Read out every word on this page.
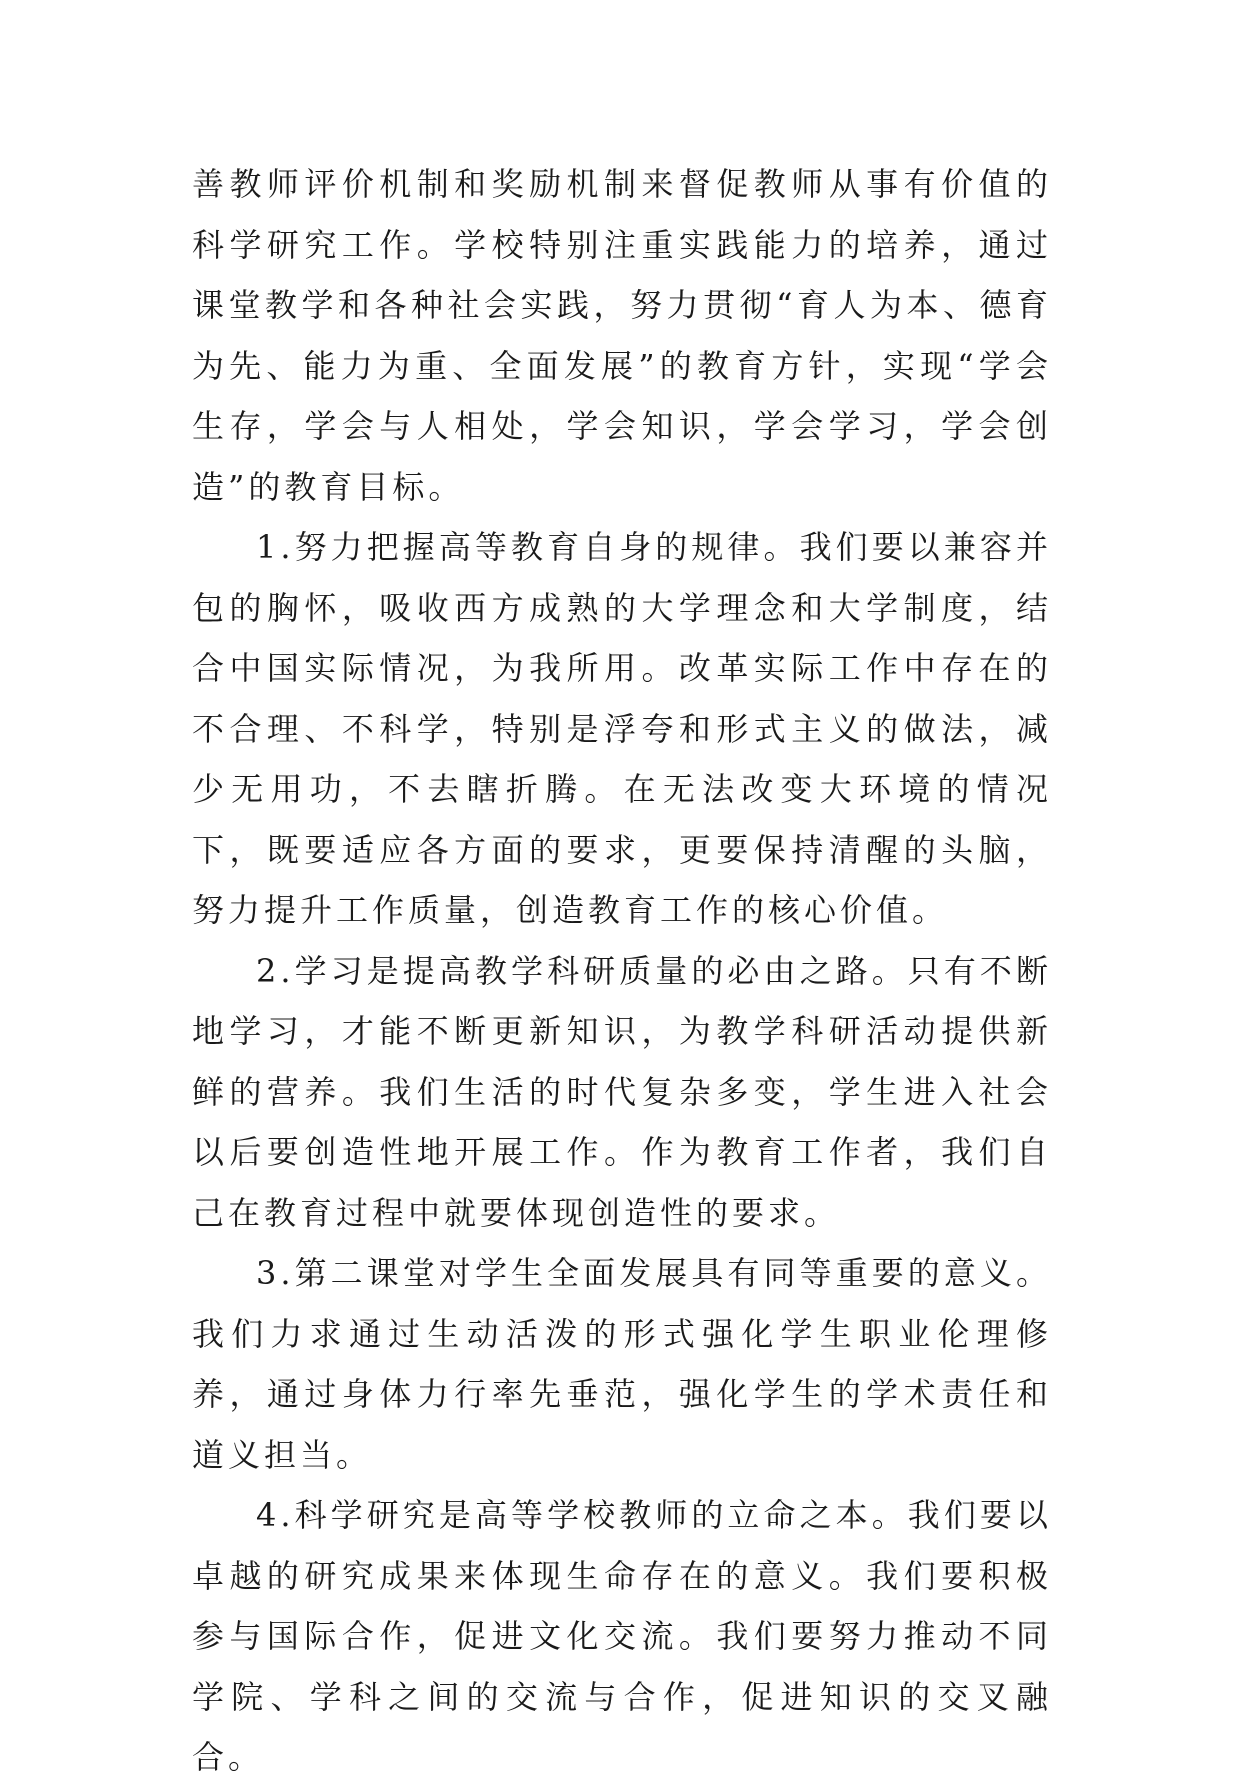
善教师评价机制和奖励机制来督促教师从事有价值的科学研究工作。学校特别注重实践能力的培养，通过课堂教学和各种社会实践，努力贯彻“育人为本、德育为先、能力为重、全面发展”的教育方针，实现“学会生存，学会与人相处，学会知识，学会学习，学会创造”的教育目标。

1.努力把握高等教育自身的规律。我们要以兼容并包的胸怀，吸收西方成熟的大学理念和大学制度，结合中国实际情况，为我所用。改革实际工作中存在的不合理、不科学，特别是浮夸和形式主义的做法，减少无用功，不去瞎折腾。在无法改变大环境的情况下，既要适应各方面的要求，更要保持清醒的头脑，努力提升工作质量，创造教育工作的核心价值。

2.学习是提高教学科研质量的必由之路。只有不断地学习，才能不断更新知识，为教学科研活动提供新鲜的营养。我们生活的时代复杂多变，学生进入社会以后要创造性地开展工作。作为教育工作者，我们自己在教育过程中就要体现创造性的要求。

3.第二课堂对学生全面发展具有同等重要的意义。我们力求通过生动活泼的形式强化学生职业伦理修养，通过身体力行率先垂范，强化学生的学术责任和道义担当。

4.科学研究是高等学校教师的立命之本。我们要以卓越的研究成果来体现生命存在的意义。我们要积极参与国际合作，促进文化交流。我们要努力推动不同学院、学科之间的交流与合作，促进知识的交叉融合。
